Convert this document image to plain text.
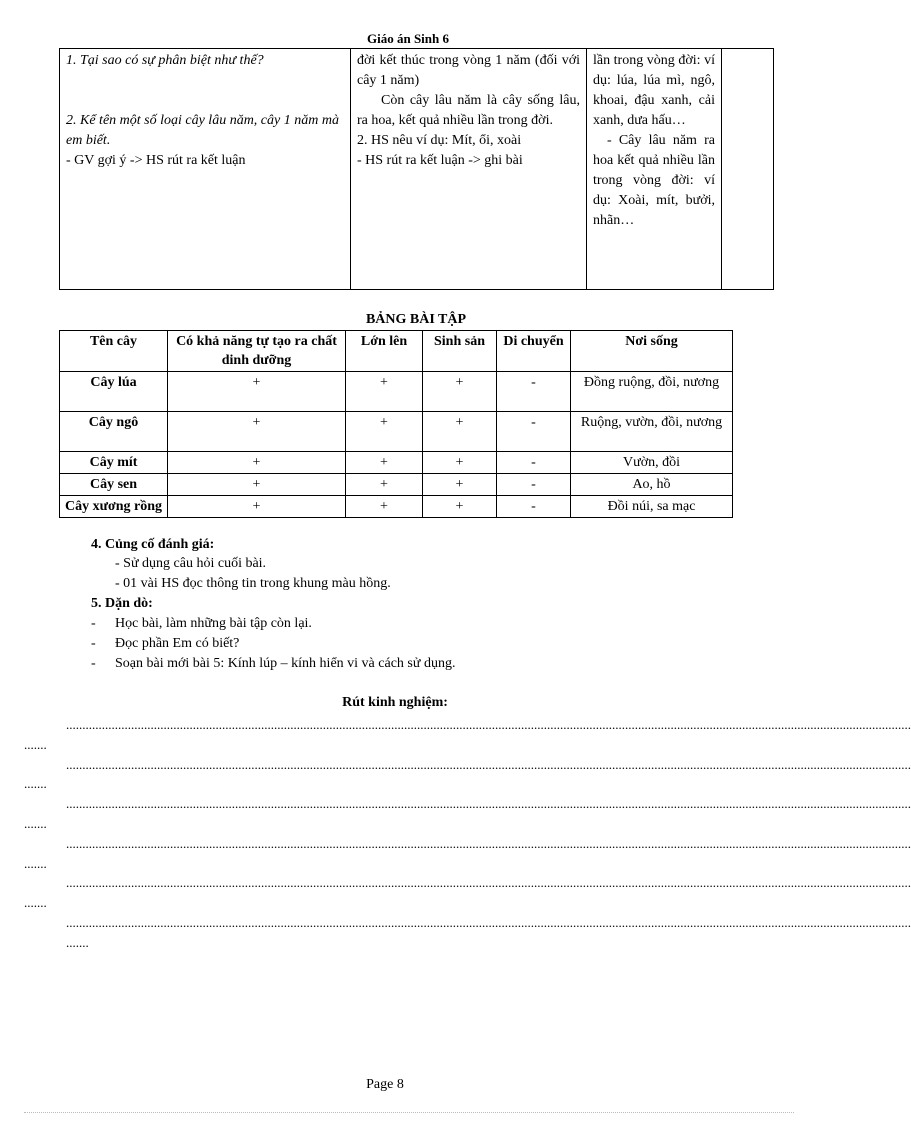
Giáo án Sinh 6
1. Tại sao có sự phân biệt như thế?
2. Kể tên một số loại cây lâu năm, cây 1 năm mà em biết.
- GV gợi ý -> HS rút ra kết luận

đời kết thúc trong vòng 1 năm (đối với cây 1 năm)
Còn cây lâu năm là cây sống lâu, ra hoa, kết quả nhiều lần trong đời.
2. HS nêu ví dụ: Mít, ổi, xoài
- HS rút ra kết luận -> ghi bài

lần trong vòng đời: ví dụ: lúa, lúa mì, ngô, khoai, đậu xanh, cải xanh, dưa hấu…
- Cây lâu năm ra hoa kết quả nhiều lần trong vòng đời: ví dụ: Xoài, mít, bưởi, nhãn…

BẢNG BÀI TẬP
Tên cây	Có khả năng tự tạo ra chất dinh dưỡng	Lớn lên	Sinh sản	Di chuyển	Nơi sống
Cây lúa	+	+	+	-	Đồng ruộng, đồi, nương
Cây ngô	+	+	+	-	Ruộng, vườn, đồi, nương
Cây mít	+	+	+	-	Vườn, đồi
Cây sen	+	+	+	-	Ao, hồ
Cây xương rồng	+	+	+	-	Đồi núi, sa mạc
4. Củng cố đánh giá:
- Sử dụng câu hỏi cuối bài.
- 01 vài HS đọc thông tin trong khung màu hồng.
5. Dặn dò:
- Học bài, làm những bài tập còn lại.
- Đọc phần Em có biết?
- Soạn bài mới bài 5: Kính lúp – kính hiển vi và cách sử dụng.
Rút kinh nghiệm:
....................................................................................................................................................................................................................................................................
.......
....................................................................................................................................................................................................................................................................
.......
....................................................................................................................................................................................................................................................................
.......
....................................................................................................................................................................................................................................................................
.......
....................................................................................................................................................................................................................................................................
.......
....................................................................................................................................................................................................................................................................
.......
Page 8
